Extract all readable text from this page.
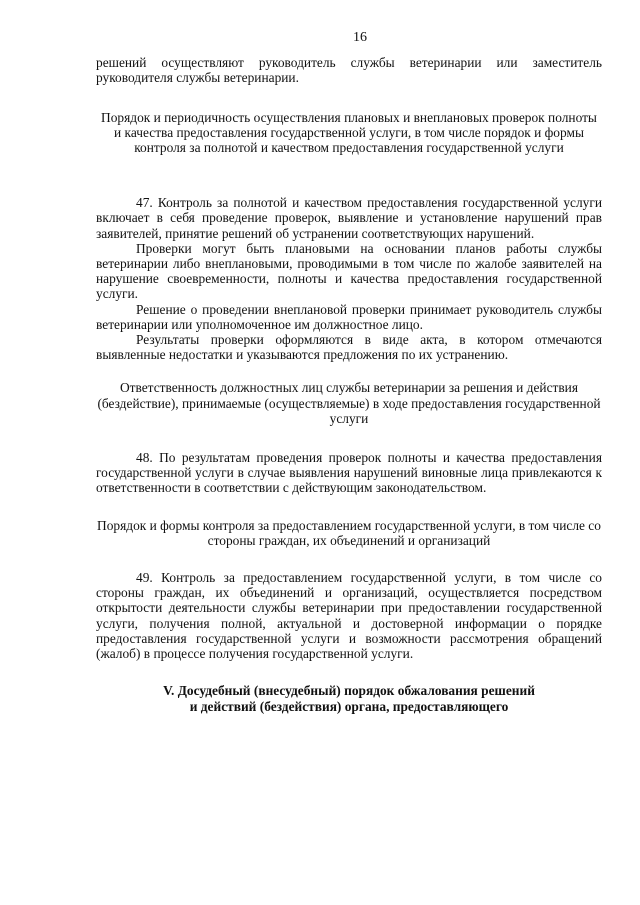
16

решений осуществляют руководитель службы ветеринарии или заместитель руководителя службы ветеринарии.

Порядок и периодичность осуществления плановых и внеплановых проверок полноты и качества предоставления государственной услуги, в том числе порядок и формы контроля за полнотой и качеством предоставления государственной услуги

47. Контроль за полнотой и качеством предоставления государственной услуги включает в себя проведение проверок, выявление и установление нарушений прав заявителей, принятие решений об устранении соответствующих нарушений.

Проверки могут быть плановыми на основании планов работы службы ветеринарии либо внеплановыми, проводимыми в том числе по жалобе заявителей на нарушение своевременности, полноты и качества предоставления государственной услуги.

Решение о проведении внеплановой проверки принимает руководитель службы ветеринарии или уполномоченное им должностное лицо.

Результаты проверки оформляются в виде акта, в котором отмечаются выявленные недостатки и указываются предложения по их устранению.

Ответственность должностных лиц службы ветеринарии за решения и действия (бездействие), принимаемые (осуществляемые) в ходе предоставления государственной услуги

48. По результатам проведения проверок полноты и качества предоставления государственной услуги в случае выявления нарушений виновные лица привлекаются к ответственности в соответствии с действующим законодательством.

Порядок и формы контроля за предоставлением государственной услуги, в том числе со стороны граждан, их объединений и организаций

49. Контроль за предоставлением государственной услуги, в том числе со стороны граждан, их объединений и организаций, осуществляется посредством открытости деятельности службы ветеринарии при предоставлении государственной услуги, получения полной, актуальной и достоверной информации о порядке предоставления государственной услуги и возможности рассмотрения обращений (жалоб) в процессе получения государственной услуги.

V. Досудебный (внесудебный) порядок обжалования решений

и действий (бездействия) органа, предоставляющего
